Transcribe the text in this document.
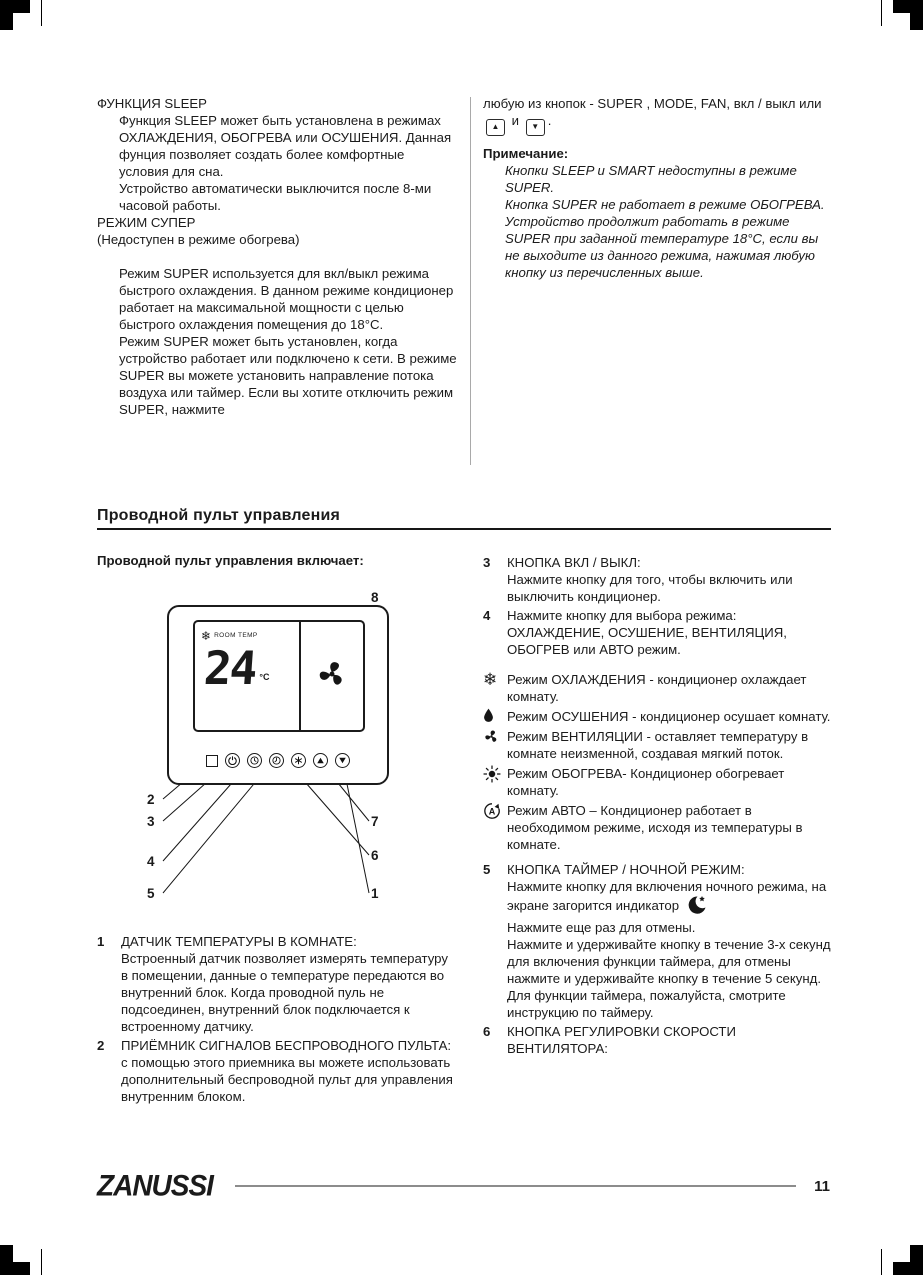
ФУНКЦИЯ SLEEP

Функция SLEEP может быть установлена в режимах ОХЛАЖДЕНИЯ, ОБОГРЕВА или ОСУШЕНИЯ. Данная фунция позволяет создать более комфортные условия для сна.

Устройство автоматически выключится после 8-ми часовой работы.

РЕЖИМ СУПЕР

(Недоступен в режиме обогрева)

Режим SUPER используется для вкл/выкл режима быстрого охлаждения. В данном режиме кондиционер работает на максимальной мощности с целью быстрого охлаждения помещения до 18°C.

Режим SUPER может быть установлен, когда устройство работает или подключено к сети. В режиме SUPER вы можете установить направление потока воздуха или таймер. Если вы хотите отключить режим SUPER, нажмите

любую из кнопок - SUPER , MODE, FAN, вкл / выкл или
▲ и ▼ .

Примечание:

Кнопки SLEEP и SMART недоступны в режиме SUPER.

Кнопка SUPER не работает в режиме ОБОГРЕВА.

Устройство продолжит работать в режиме SUPER при заданной температуре 18°C, если вы не выходите из данного режима, нажимая любую кнопку из перечисленных выше.

Проводной пульт управления

Проводной пульт управления включает:

8
2
3
4
5
7
6
1
❄ ROOM TEMP
24 °C
1	ДАТЧИК ТЕМПЕРАТУРЫ В КОМНАТЕ:
Встроенный датчик позволяет измерять температуру в помещении, данные о температуре передаются во внутренний блок. Когда проводной пуль не подсоединен, внутренний блок подключается к встроенному датчику.
2	ПРИЁМНИК СИГНАЛОВ БЕСПРОВОДНОГО ПУЛЬТА: с помощью этого приемника вы можете использовать дополнительный беспроводной пульт для управления внутренним блоком.
3	КНОПКА ВКЛ / ВЫКЛ:
Нажмите кнопку для того, чтобы включить или выключить кондиционер.
4	Нажмите кнопку для выбора режима: ОХЛАЖДЕНИЕ, ОСУШЕНИЕ, ВЕНТИЛЯЦИЯ, ОБОГРЕВ или АВТО режим.
❄ Режим ОХЛАЖДЕНИЯ - кондиционер охлаждает комнату.
Режим ОСУШЕНИЯ - кондиционер осушает комнату.
Режим ВЕНТИЛЯЦИИ - оставляет температуру в комнате неизменной, создавая мягкий поток.
Режим ОБОГРЕВА- Кондиционер обогревает комнату.
A Режим АВТО – Кондиционер работает в необходимом режиме, исходя из температуры в комнате.
5	КНОПКА ТАЙМЕР / НОЧНОЙ РЕЖИМ:
Нажмите кнопку для включения ночного режима, на экране загорится индикатор
Нажмите еще раз для отмены.
Нажмите и удерживайте кнопку в течение 3-х секунд для включения функции таймера, для отмены нажмите и удерживайте кнопку в течение 5 секунд. Для функции таймера, пожалуйста, смотрите инструкцию по таймеру.
6	КНОПКА РЕГУЛИРОВКИ СКОРОСТИ ВЕНТИЛЯТОРА:
ZANUSSI	11
